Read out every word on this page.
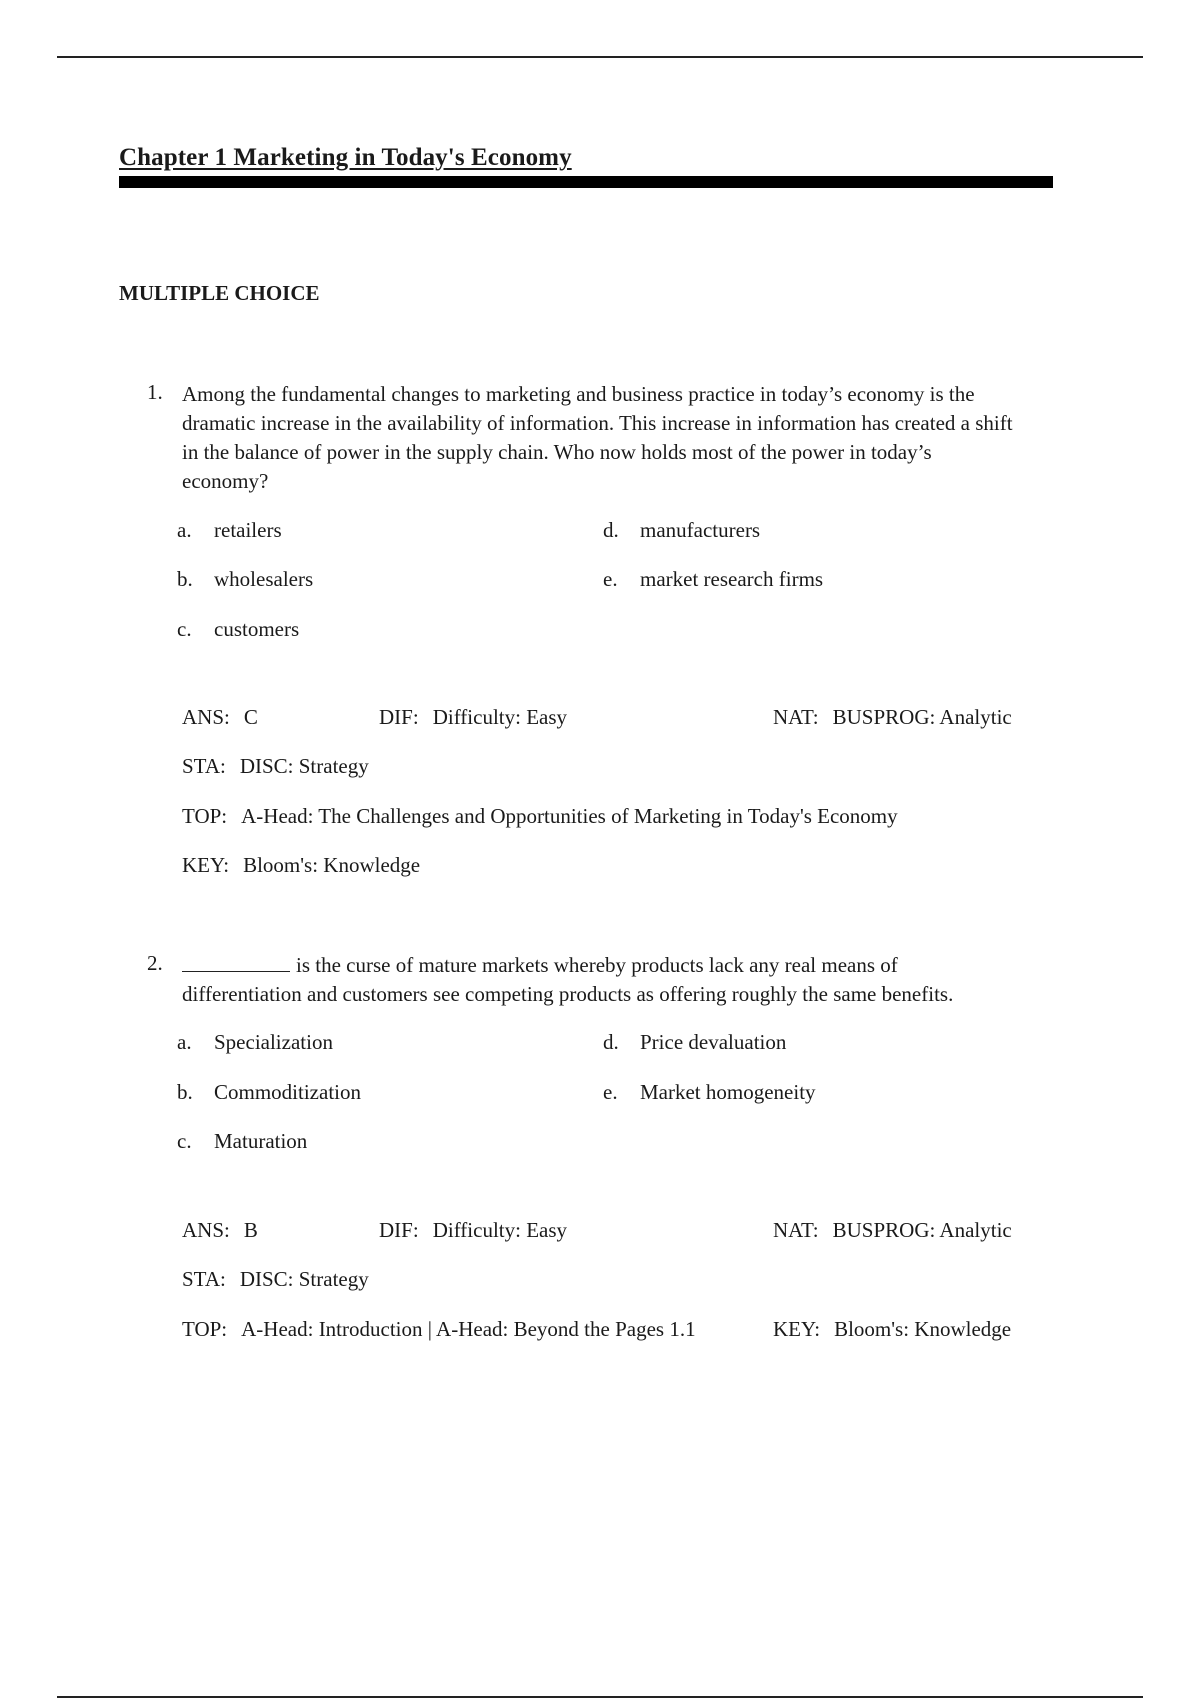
Chapter 1 Marketing in Today's Economy
MULTIPLE CHOICE
1. Among the fundamental changes to marketing and business practice in today’s economy is the dramatic increase in the availability of information. This increase in information has created a shift in the balance of power in the supply chain. Who now holds most of the power in today’s economy?
a. retailers
b. wholesalers
c. customers
d. manufacturers
e. market research firms
ANS: C	DIF: Difficulty: Easy	NAT: BUSPROG: Analytic
STA: DISC: Strategy
TOP: A-Head: The Challenges and Opportunities of Marketing in Today's Economy
KEY: Bloom's: Knowledge
2.	is the curse of mature markets whereby products lack any real means of differentiation and customers see competing products as offering roughly the same benefits.
a. Specialization
b. Commoditization
c. Maturation
d. Price devaluation
e. Market homogeneity
ANS: B	DIF: Difficulty: Easy	NAT: BUSPROG: Analytic
STA: DISC: Strategy
TOP: A-Head: Introduction | A-Head: Beyond the Pages 1.1	KEY: Bloom's: Knowledge
